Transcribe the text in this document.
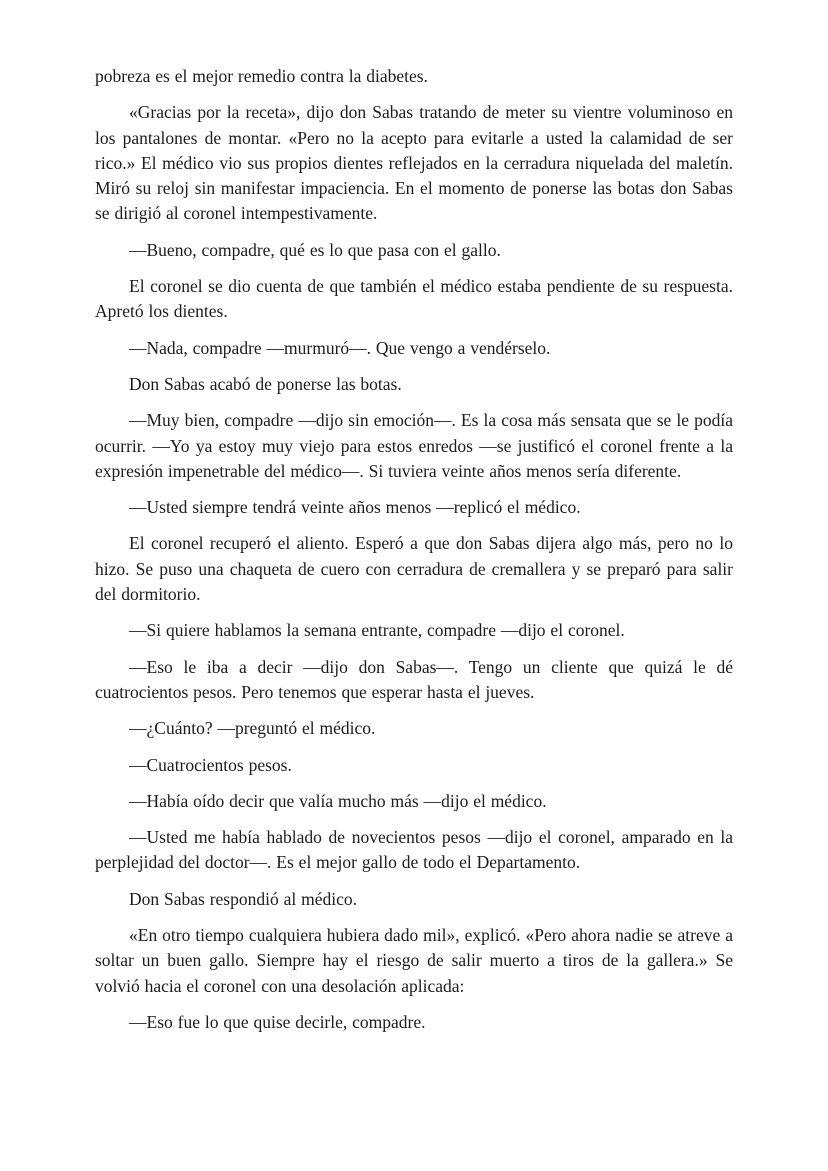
pobreza es el mejor remedio contra la diabetes.

«Gracias por la receta», dijo don Sabas tratando de meter su vientre voluminoso en los pantalones de montar. «Pero no la acepto para evitarle a usted la calamidad de ser rico.» El médico vio sus propios dientes reflejados en la cerradura niquelada del maletín. Miró su reloj sin manifestar impaciencia. En el momento de ponerse las botas don Sabas se dirigió al coronel intempestivamente.

—Bueno, compadre, qué es lo que pasa con el gallo.

El coronel se dio cuenta de que también el médico estaba pendiente de su respuesta. Apretó los dientes.

—Nada, compadre —murmuró—. Que vengo a vendérselo.

Don Sabas acabó de ponerse las botas.

—Muy bien, compadre —dijo sin emoción—. Es la cosa más sensata que se le podía ocurrir. —Yo ya estoy muy viejo para estos enredos —se justificó el coronel frente a la expresión impenetrable del médico—. Si tuviera veinte años menos sería diferente.

—Usted siempre tendrá veinte años menos —replicó el médico.

El coronel recuperó el aliento. Esperó a que don Sabas dijera algo más, pero no lo hizo. Se puso una chaqueta de cuero con cerradura de cremallera y se preparó para salir del dormitorio.

—Si quiere hablamos la semana entrante, compadre —dijo el coronel.

—Eso le iba a decir —dijo don Sabas—. Tengo un cliente que quizá le dé cuatrocientos pesos. Pero tenemos que esperar hasta el jueves.

—¿Cuánto? —preguntó el médico.

—Cuatrocientos pesos.

—Había oído decir que valía mucho más —dijo el médico.

—Usted me había hablado de novecientos pesos —dijo el coronel, amparado en la perplejidad del doctor—. Es el mejor gallo de todo el Departamento.

Don Sabas respondió al médico.

«En otro tiempo cualquiera hubiera dado mil», explicó. «Pero ahora nadie se atreve a soltar un buen gallo. Siempre hay el riesgo de salir muerto a tiros de la gallera.» Se volvió hacia el coronel con una desolación aplicada:

—Eso fue lo que quise decirle, compadre.
